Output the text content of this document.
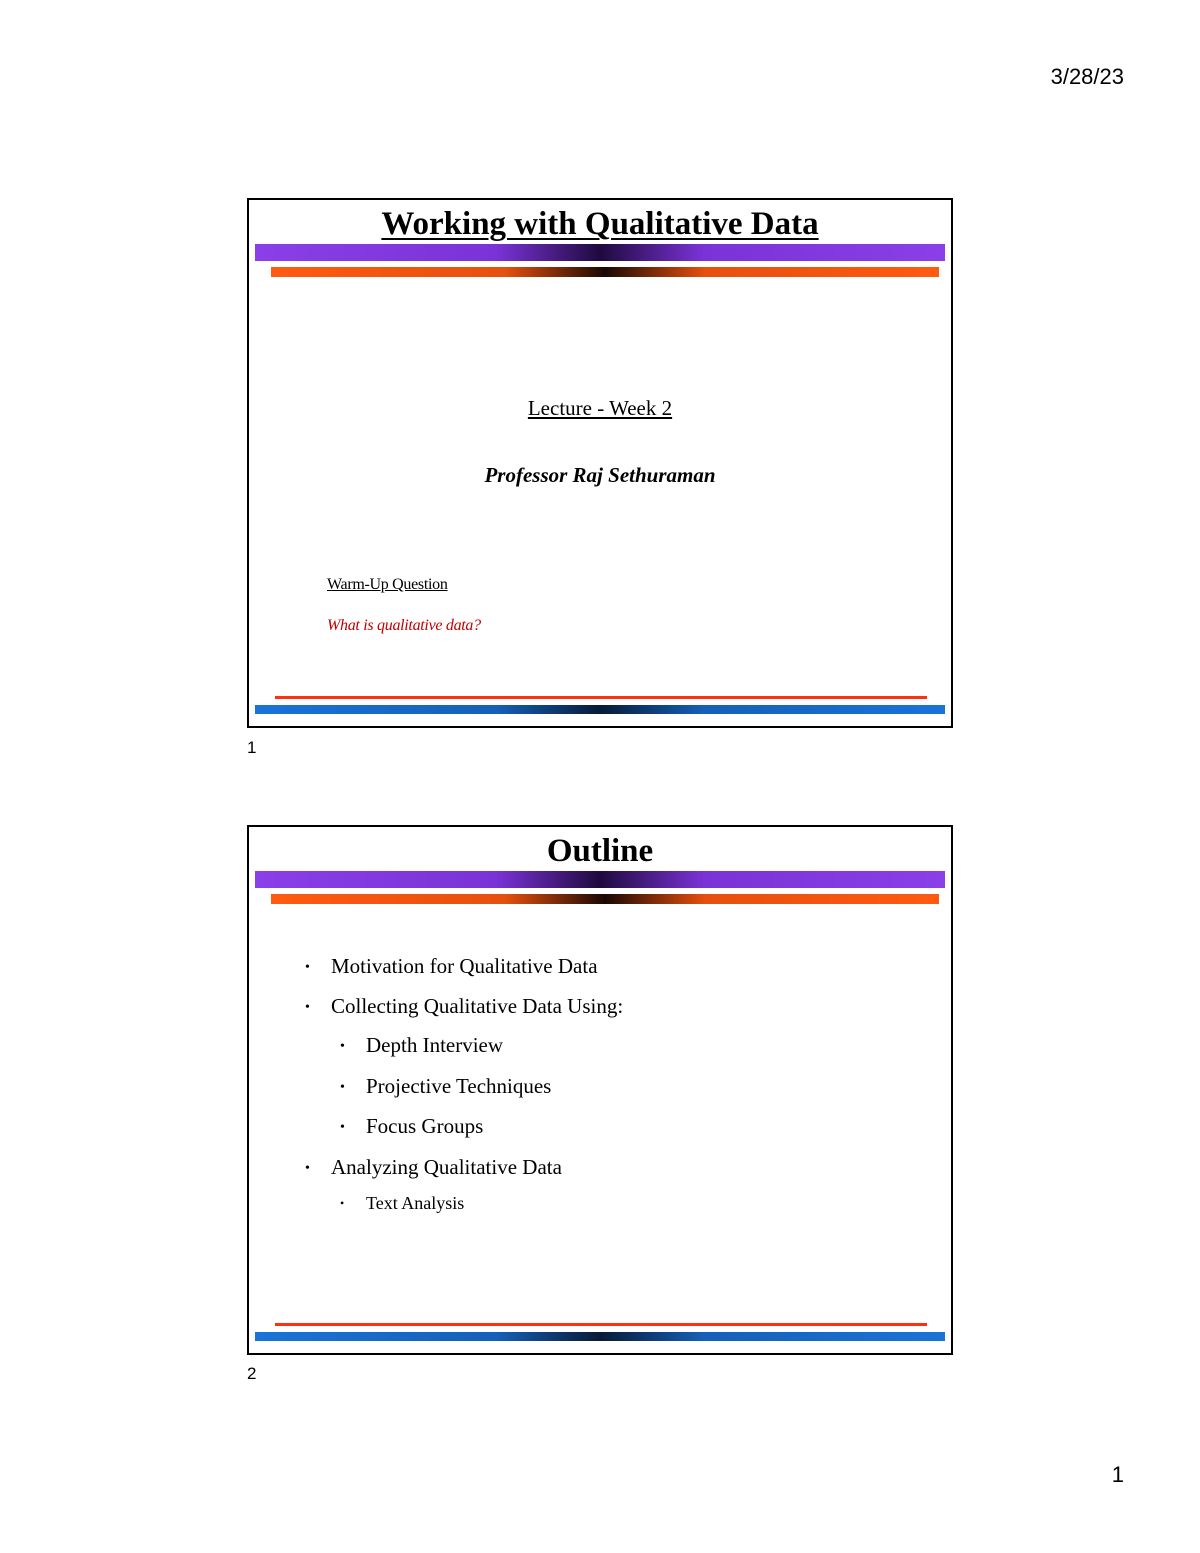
3/28/23
Working with Qualitative Data
Lecture - Week 2
Professor Raj Sethuraman
Warm-Up Question
What is qualitative data?
1
Outline
• Motivation for Qualitative Data
• Collecting Qualitative Data Using:
• Depth Interview
• Projective Techniques
• Focus Groups
• Analyzing Qualitative Data
• Text Analysis
2
1
